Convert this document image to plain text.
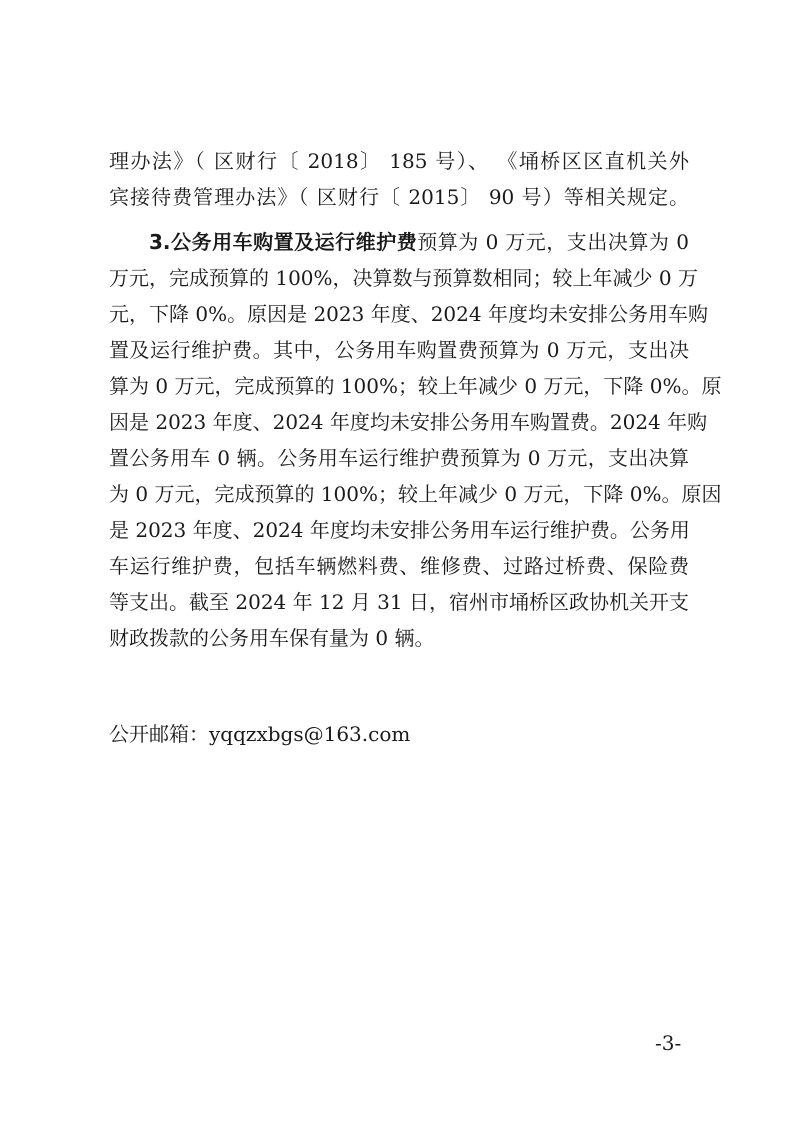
理办法》（ 区财行〔 2018〕 185 号）、 《埇桥区区直机关外
宾接待费管理办法》（ 区财行〔 2015〕 90 号）等相关规定。
3.公务用车购置及运行维护费预算为 0 万元，支出决算为 0
万元，完成预算的 100%，决算数与预算数相同；较上年减少 0 万
元，下降 0%。原因是 2023 年度、2024 年度均未安排公务用车购
置及运行维护费。其中，公务用车购置费预算为 0 万元，支出决
算为 0 万元，完成预算的 100%；较上年减少 0 万元，下降 0%。原
因是 2023 年度、2024 年度均未安排公务用车购置费。2024 年购
置公务用车 0 辆。公务用车运行维护费预算为 0 万元，支出决算
为 0 万元，完成预算的 100%；较上年减少 0 万元，下降 0%。原因
是 2023 年度、2024 年度均未安排公务用车运行维护费。公务用
车运行维护费，包括车辆燃料费、维修费、过路过桥费、保险费
等支出。截至 2024 年 12 月 31 日，宿州市埇桥区政协机关开支
财政拨款的公务用车保有量为 0 辆。
公开邮箱：yqqzxbgs@163.com
-3-
